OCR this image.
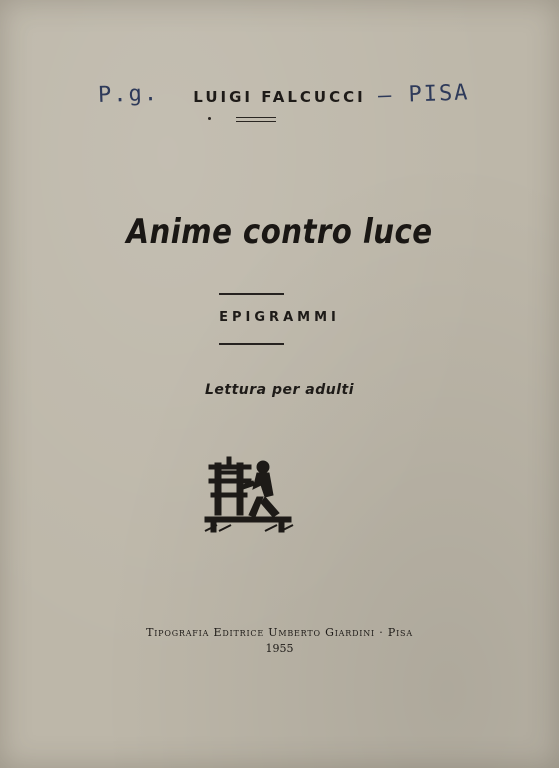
P.g.	– PISA
LUIGI FALCUCCI
Anime contro luce
EPIGRAMMI
Lettura per adulti
Tipografia Editrice Umberto Giardini · Pisa
1955
